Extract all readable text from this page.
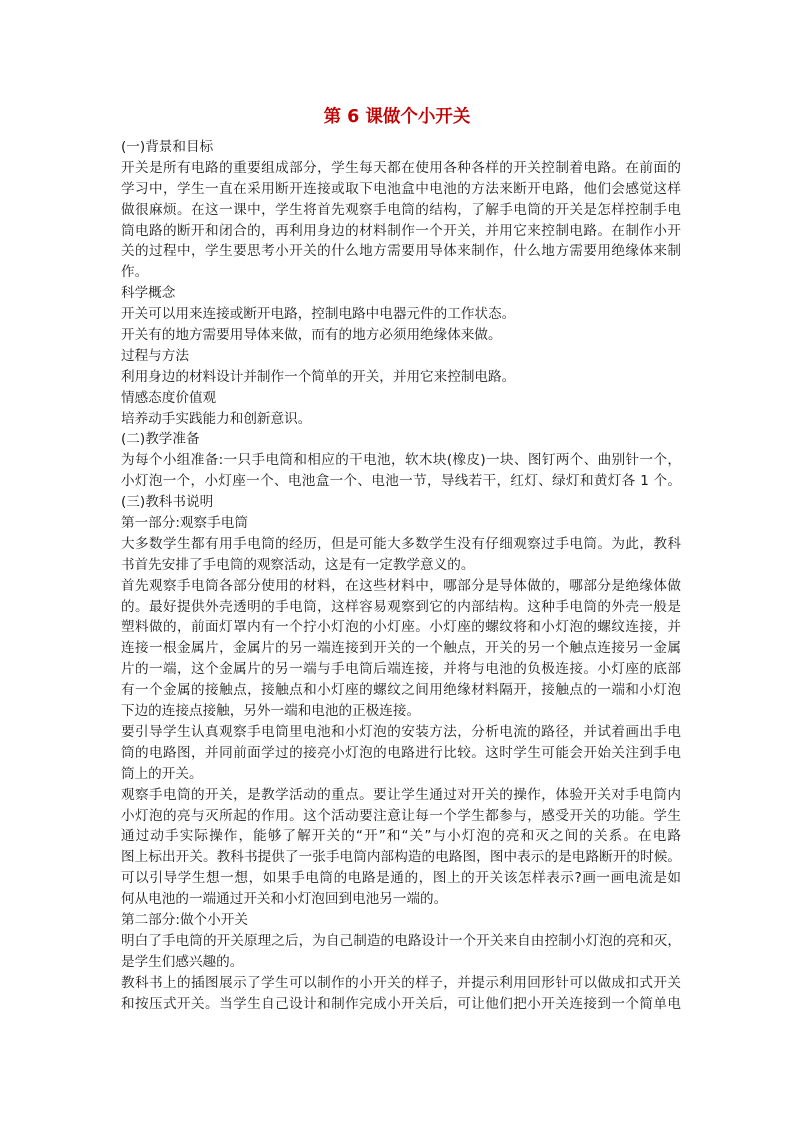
第 6 课做个小开关
(一)背景和目标
开关是所有电路的重要组成部分，学生每天都在使用各种各样的开关控制着电路。在前面的
学习中，学生一直在采用断开连接或取下电池盒中电池的方法来断开电路，他们会感觉这样
做很麻烦。在这一课中，学生将首先观察手电筒的结构，了解手电筒的开关是怎样控制手电
筒电路的断开和闭合的，再利用身边的材料制作一个开关，并用它来控制电路。在制作小开
关的过程中，学生要思考小开关的什么地方需要用导体来制作，什么地方需要用绝缘体来制
作。
科学概念
开关可以用来连接或断开电路，控制电路中电器元件的工作状态。
开关有的地方需要用导体来做，而有的地方必须用绝缘体来做。
过程与方法
利用身边的材料设计并制作一个简单的开关，并用它来控制电路。
情感态度价值观
培养动手实践能力和创新意识。
(二)教学准备
为每个小组准备:一只手电筒和相应的干电池，软木块(橡皮)一块、图钉两个、曲别针一个，
小灯泡一个，小灯座一个、电池盒一个、电池一节，导线若干，红灯、绿灯和黄灯各 1 个。
(三)教科书说明
第一部分:观察手电筒
大多数学生都有用手电筒的经历，但是可能大多数学生没有仔细观察过手电筒。为此，教科
书首先安排了手电筒的观察活动，这是有一定教学意义的。
首先观察手电筒各部分使用的材料，在这些材料中，哪部分是导体做的，哪部分是绝缘体做
的。最好提供外壳透明的手电筒，这样容易观察到它的内部结构。这种手电筒的外壳一般是
塑料做的，前面灯罩内有一个拧小灯泡的小灯座。小灯座的螺纹将和小灯泡的螺纹连接，并
连接一根金属片，金属片的另一端连接到开关的一个触点，开关的另一个触点连接另一金属
片的一端，这个金属片的另一端与手电筒后端连接，并将与电池的负极连接。小灯座的底部
有一个金属的接触点，接触点和小灯座的螺纹之间用绝缘材料隔开，接触点的一端和小灯泡
下边的连接点接触，另外一端和电池的正极连接。
要引导学生认真观察手电筒里电池和小灯泡的安装方法，分析电流的路径，并试着画出手电
筒的电路图，并同前面学过的接亮小灯泡的电路进行比较。这时学生可能会开始关注到手电
筒上的开关。
观察手电筒的开关，是教学活动的重点。要让学生通过对开关的操作，体验开关对手电筒内
小灯泡的亮与灭所起的作用。这个活动要注意让每一个学生都参与，感受开关的功能。学生
通过动手实际操作，能够了解开关的“开”和“关”与小灯泡的亮和灭之间的关系。在电路
图上标出开关。教科书提供了一张手电筒内部构造的电路图，图中表示的是电路断开的时候。
可以引导学生想一想，如果手电筒的电路是通的，图上的开关该怎样表示?画一画电流是如
何从电池的一端通过开关和小灯泡回到电池另一端的。
第二部分:做个小开关
明白了手电筒的开关原理之后，为自己制造的电路设计一个开关来自由控制小灯泡的亮和灭，
是学生们感兴趣的。
教科书上的插图展示了学生可以制作的小开关的样子，并提示利用回形针可以做成扣式开关
和按压式开关。当学生自己设计和制作完成小开关后，可让他们把小开关连接到一个简单电
